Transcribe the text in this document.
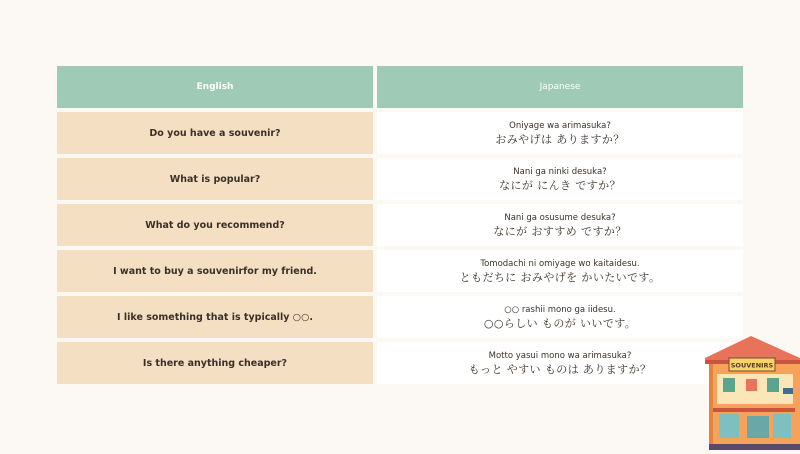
English	Japanese
Do you have a souvenir?
Oniyage wa arimasuka?
おみやげは ありますか？
What is popular?
Nani ga ninki desuka?
なにが にんき ですか？
What do you recommend?
Nani ga osusume desuka?
なにが おすすめ ですか？
I want to buy a souvenirfor my friend.
Tomodachi ni omiyage wo kaitaidesu.
ともだちに おみやげを かいたいです。
I like something that is typically ○○.
○○ rashii mono ga iidesu.
○○らしい ものが いいです。
Is there anything cheaper?
Motto yasui mono wa arimasuka?
もっと やすい ものは ありますか？	SOUVENIRS
